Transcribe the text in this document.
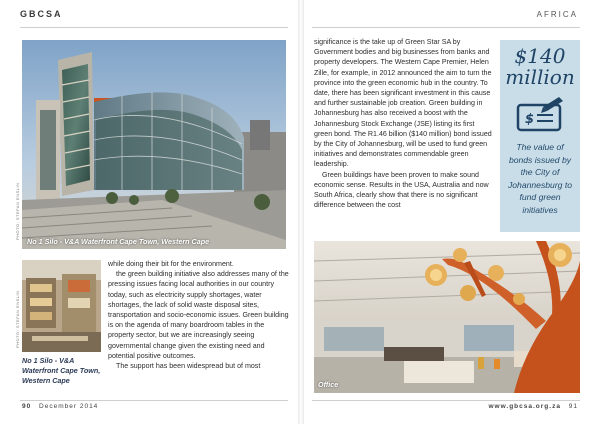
GBCSA	AFRICA
No 1 Silo - V&A Waterfront Cape Town, Western Cape
PHOTO: STEFAN ENSLIN
PHOTO: STEFAN ENSLIN
No 1 Silo - V&A Waterfront Cape Town, Western Cape

while doing their bit for the environment.

the green building initiative also addresses many of the pressing issues facing local authorities in our country today, such as electricity supply shortages, water shortages, the lack of solid waste disposal sites, transportation and socio-economic issues. Green building is on the agenda of many boardroom tables in the property sector, but we are increasingly seeing governmental change given the existing need and potential positive outcomes.

The support has been widespread but of most

significance is the take up of Green Star SA by Government bodies and big businesses from banks and property developers. The Western Cape Premier, Helen Zille, for example, in 2012 announced the aim to turn the province into the green economic hub in the country. To date, there has been significant investment in this cause and further sustainable job creation. Green building in Johannesburg has also received a boost with the Johannesburg Stock Exchange (JSE) listing its first green bond. The R1.46 billion ($140 million) bond issued by the City of Johannesburg, will be used to fund green initiatives and demonstrates commendable green leadership.

Green buildings have been proven to make sound economic sense. Results in the USA, Australia and now South Africa, clearly show that there is no significant difference between the cost

$140
million
$
The value of bonds issued by the City of Johannesburg to fund green initiatives
Office
90 December 2014	www.gbcsa.org.za 91
